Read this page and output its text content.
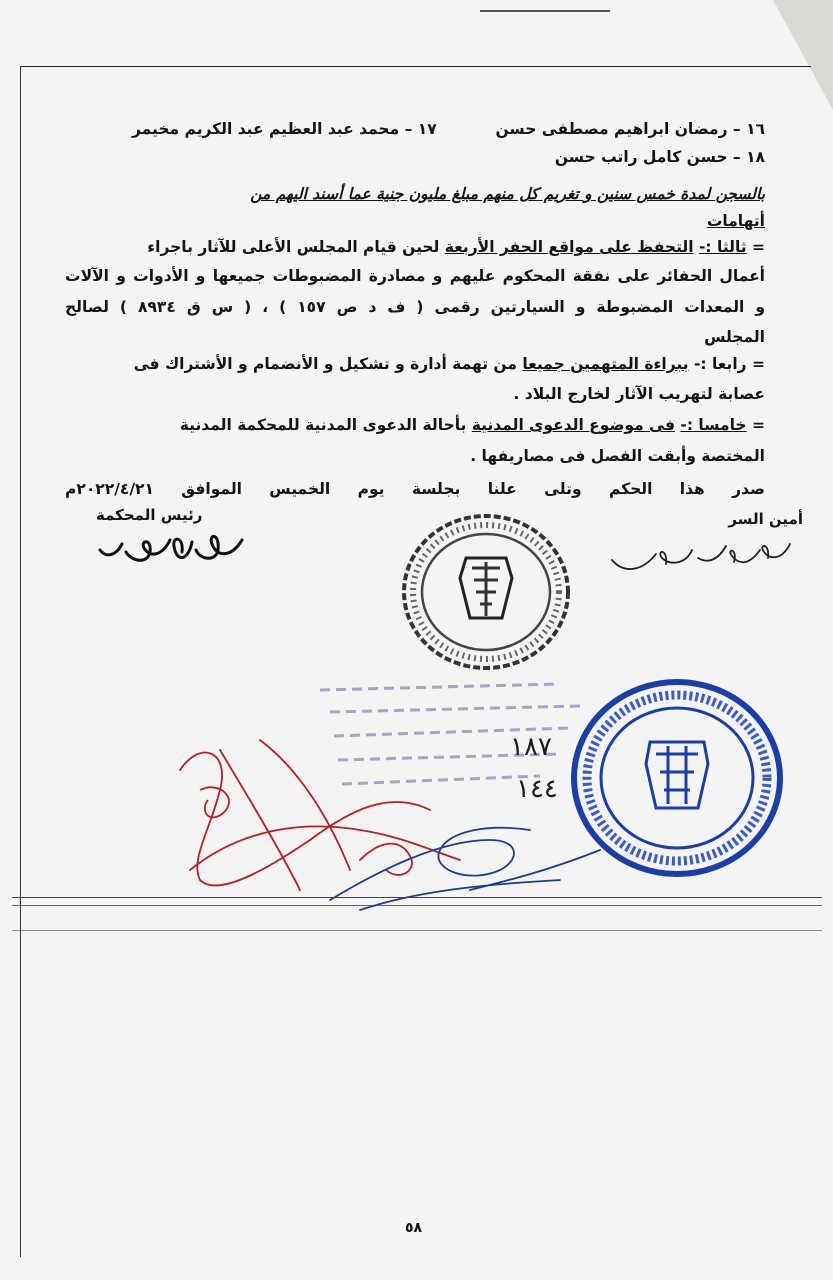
١٦ – رمضان ابراهيم مصطفى حسن  ١٧ – محمد عبد العظيم عبد الكريم مخيمر
١٨ – حسن كامل راتب حسن
بالسجن لمدة خمس سنين و تغريم كل منهم مبلغ مليون جنية عما أسند اليهم من
أتهامات
= ثالثا :- التحفظ على مواقع الحفر الأربعة لحين قيام المجلس الأعلى للآثار باجراء
أعمال الحفائر على نفقة المحكوم عليهم و مصادرة المضبوطات جميعها و الأدوات و الآلات
و المعدات المضبوطة و السيارتين رقمى ( ف د ص ١٥٧ ) ، ( س ق ٨٩٣٤ ) لصالح
المجلس
= رابعا :- ببراءة المتهمين جميعا من تهمة أدارة و تشكيل و الأنضمام و الأشتراك فى
عصابة لتهريب الآثار لخارج البلاد .
= خامسا :- فى موضوع الدعوى المدنية بأحالة الدعوى المدنية للمحكمة المدنية
المختصة وأبقت الفصل فى مصاريفها .
صدر هذا الحكم وتلى علنا بجلسة يوم الخميس الموافق ٢٠٢٢/٤/٢١م
رئيس المحكمة	أمين السر
١٨٧
١٤٤
٥٨
